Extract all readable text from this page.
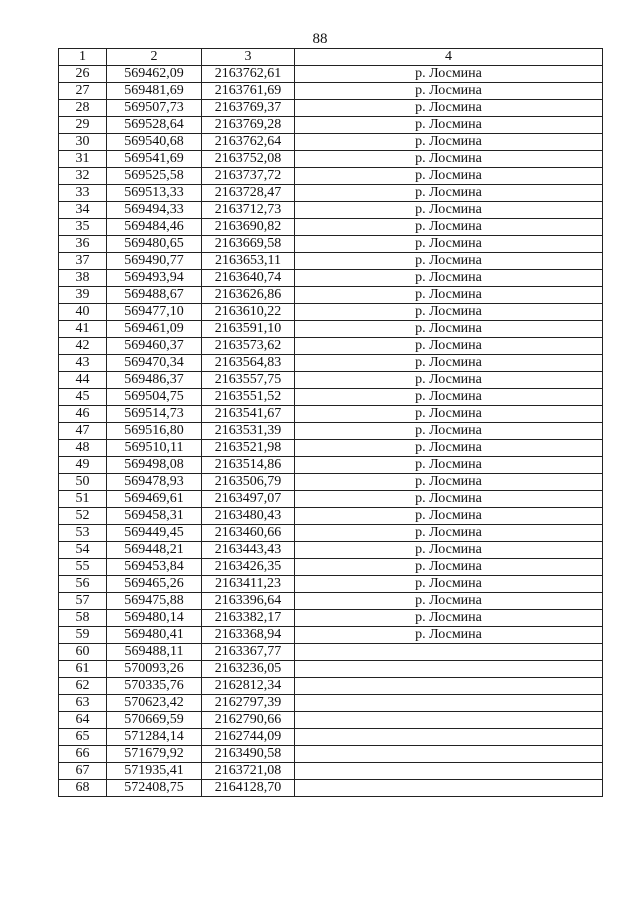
88
1	2	3	4
26	569462,09	2163762,61	р. Лосмина
27	569481,69	2163761,69	р. Лосмина
28	569507,73	2163769,37	р. Лосмина
29	569528,64	2163769,28	р. Лосмина
30	569540,68	2163762,64	р. Лосмина
31	569541,69	2163752,08	р. Лосмина
32	569525,58	2163737,72	р. Лосмина
33	569513,33	2163728,47	р. Лосмина
34	569494,33	2163712,73	р. Лосмина
35	569484,46	2163690,82	р. Лосмина
36	569480,65	2163669,58	р. Лосмина
37	569490,77	2163653,11	р. Лосмина
38	569493,94	2163640,74	р. Лосмина
39	569488,67	2163626,86	р. Лосмина
40	569477,10	2163610,22	р. Лосмина
41	569461,09	2163591,10	р. Лосмина
42	569460,37	2163573,62	р. Лосмина
43	569470,34	2163564,83	р. Лосмина
44	569486,37	2163557,75	р. Лосмина
45	569504,75	2163551,52	р. Лосмина
46	569514,73	2163541,67	р. Лосмина
47	569516,80	2163531,39	р. Лосмина
48	569510,11	2163521,98	р. Лосмина
49	569498,08	2163514,86	р. Лосмина
50	569478,93	2163506,79	р. Лосмина
51	569469,61	2163497,07	р. Лосмина
52	569458,31	2163480,43	р. Лосмина
53	569449,45	2163460,66	р. Лосмина
54	569448,21	2163443,43	р. Лосмина
55	569453,84	2163426,35	р. Лосмина
56	569465,26	2163411,23	р. Лосмина
57	569475,88	2163396,64	р. Лосмина
58	569480,14	2163382,17	р. Лосмина
59	569480,41	2163368,94	р. Лосмина
60	569488,11	2163367,77	
61	570093,26	2163236,05	
62	570335,76	2162812,34	
63	570623,42	2162797,39	
64	570669,59	2162790,66	
65	571284,14	2162744,09	
66	571679,92	2163490,58	
67	571935,41	2163721,08	
68	572408,75	2164128,70	
